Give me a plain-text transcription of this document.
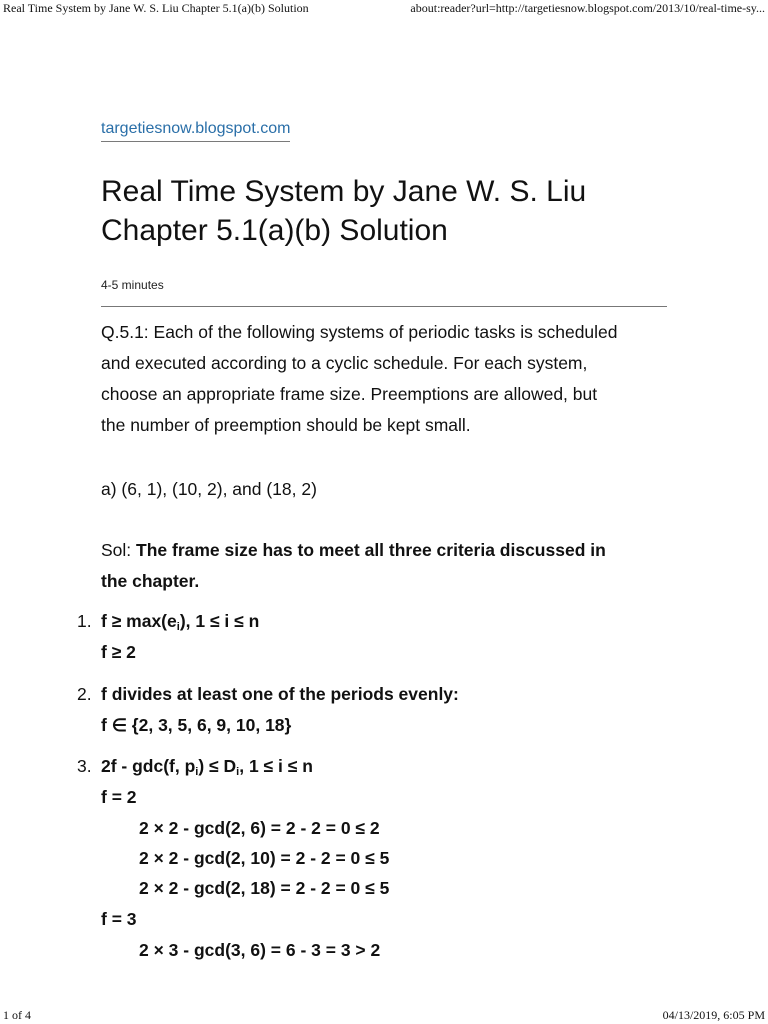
Real Time System by Jane W. S. Liu Chapter 5.1(a)(b) Solution	about:reader?url=http://targetiesnow.blogspot.com/2013/10/real-time-sy...
targetiesnow.blogspot.com
Real Time System by Jane W. S. Liu
Chapter 5.1(a)(b) Solution
4-5 minutes

Q.5.1: Each of the following systems of periodic tasks is scheduled
and executed according to a cyclic schedule. For each system,
choose an appropriate frame size. Preemptions are allowed, but
the number of preemption should be kept small.

a) (6, 1), (10, 2), and (18, 2)

Sol: The frame size has to meet all three criteria discussed in
the chapter.

1. $f \ge \max(e_i)$, 1 ≤ i ≤ n
f ≥ 2
2. f divides at least one of the periods evenly:
f ∈ {2, 3, 5, 6, 9, 10, 18}
3. 2f - gdc(f, $p_i) \le D_i$, 1 ≤ i ≤ n
f = 2
2 × 2 - gcd(2, 6) = 2 - 2 = 0 ≤ 2
2 × 2 - gcd(2, 10) = 2 - 2 = 0 ≤ 5
2 × 2 - gcd(2, 18) = 2 - 2 = 0 ≤ 5
f = 3
2 × 3 - gcd(3, 6) = 6 - 3 = 3 > 2
1 of 4	04/13/2019, 6:05 PM
